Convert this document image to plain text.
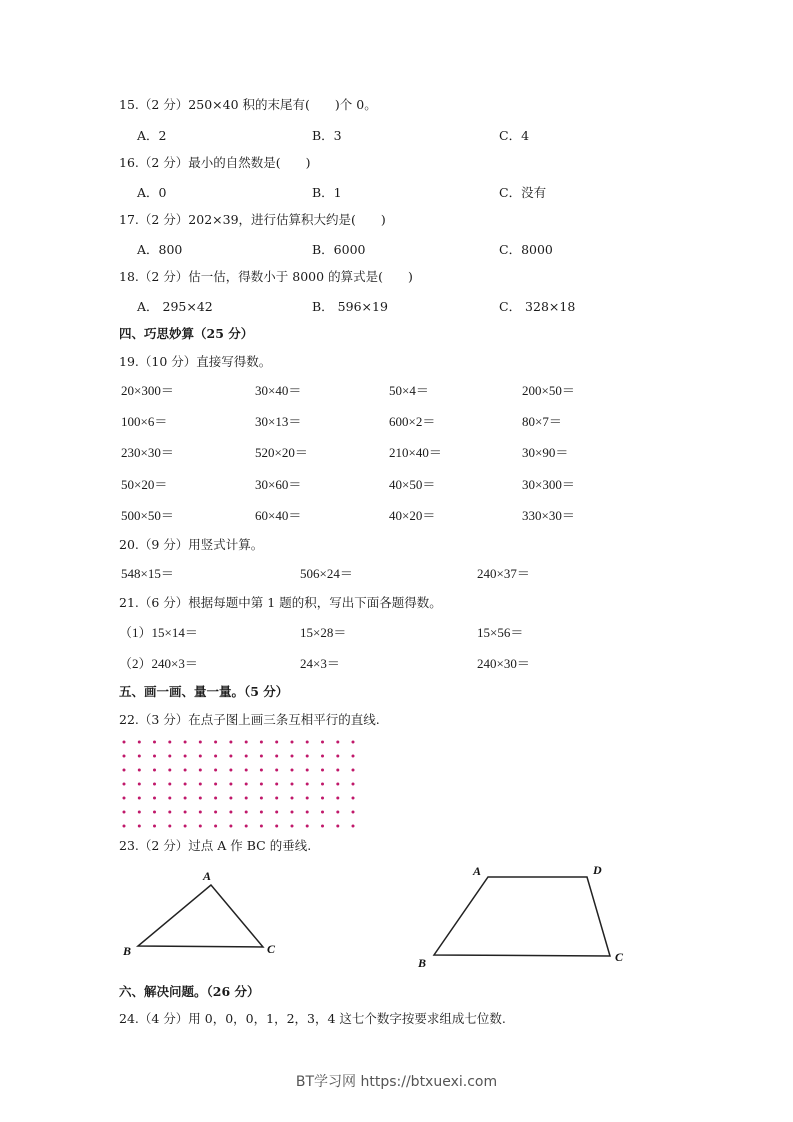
15.（2 分）250×40 积的末尾有(　　)个 0。
A．2	B．3	C．4
16.（2 分）最小的自然数是(　　)
A．0	B．1	C．没有
17.（2 分）202×39，进行估算积大约是(　　)
A．800	B．6000	C．8000
18.（2 分）估一估，得数小于 8000 的算式是(　　)
A． 295×42	B． 596×19	C． 328×18
四、巧思妙算（25 分）
19.（10 分）直接写得数。
20×300＝	30×40＝	50×4＝	200×50＝
100×6＝	30×13＝	600×2＝	80×7＝
230×30＝	520×20＝	210×40＝	30×90＝
50×20＝	30×60＝	40×50＝	30×300＝
500×50＝	60×40＝	40×20＝	330×30＝
20.（9 分）用竖式计算。
548×15＝	506×24＝	240×37＝
21.（6 分）根据每题中第 1 题的积，写出下面各题得数。
（1）15×14＝	15×28＝	15×56＝
（2）240×3＝	24×3＝	240×30＝
五、画一画、量一量。（5 分）
22.（3 分）在点子图上画三条互相平行的直线.
A
B	C
A	D
B	C
23.（2 分）过点 A 作 BC 的垂线.
六、解决问题。（26 分）
24.（4 分）用 0，0，0，1，2，3，4 这七个数字按要求组成七位数.
BT学习网 https://btxuexi.com
